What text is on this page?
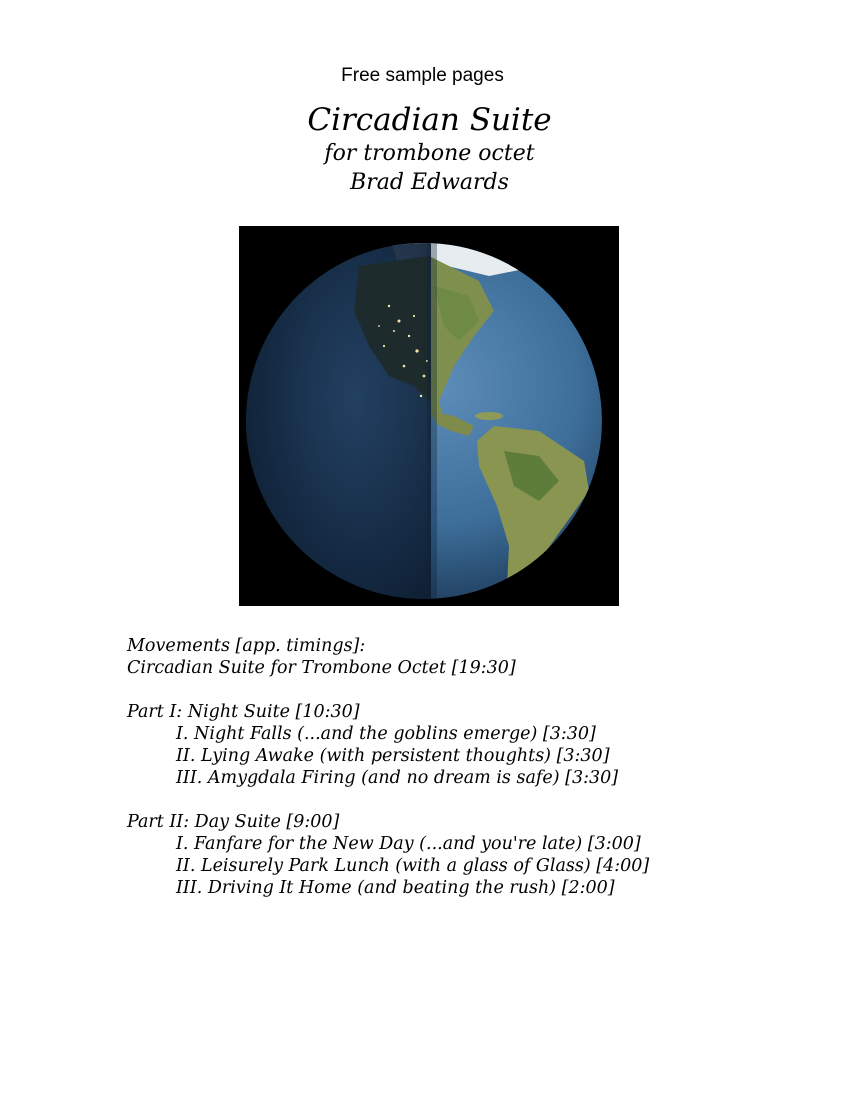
Free sample pages
Circadian Suite
for trombone octet
Brad Edwards
Movements [app. timings]:
Circadian Suite for Trombone Octet [19:30]
Part I: Night Suite [10:30]
I. Night Falls (...and the goblins emerge) [3:30]
II. Lying Awake (with persistent thoughts) [3:30]
III. Amygdala Firing (and no dream is safe) [3:30]
Part II: Day Suite [9:00]
I. Fanfare for the New Day (...and you're late) [3:00]
II. Leisurely Park Lunch (with a glass of Glass) [4:00]
III. Driving It Home (and beating the rush) [2:00]
